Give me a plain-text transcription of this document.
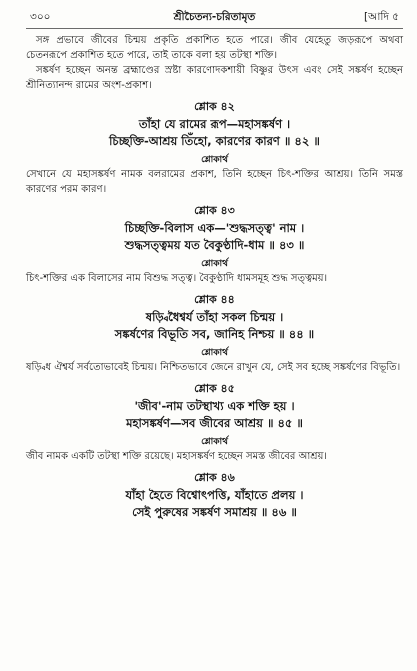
৩০০	শ্রীচৈতন্য-চরিতামৃত	[আদি ৫

সঙ্গ প্রভাবে জীবের চিন্ময় প্রকৃতি প্রকাশিত হতে পারে। জীব যেহেতু জড়রূপে অথবা চেতনরূপে প্রকাশিত হতে পারে, তাই তাকে বলা হয় তটস্থা শক্তি।

সঙ্কর্ষণ হচ্ছেন অনন্ত ব্রহ্মাণ্ডের স্রষ্টা কারণোদকশায়ী বিষ্ণুর উৎস এবং সেই সঙ্কর্ষণ হচ্ছেন শ্রীনিত্যানন্দ রামের অংশ-প্রকাশ।

শ্লোক ৪২

তাঁহা যে রামের রূপ—মহাসঙ্কর্ষণ ।

চিচ্ছক্তি-আশ্রয় তিঁহো, কারণের কারণ ॥ ৪২ ॥

শ্লোকার্থ

সেখানে যে মহাসঙ্কর্ষণ নামক বলরামের প্রকাশ, তিনি হচ্ছেন চিৎ-শক্তির আশ্রয়। তিনি সমস্ত কারণের পরম কারণ।

শ্লোক ৪৩

চিচ্ছক্তি-বিলাস এক—'শুদ্ধসত্ত্ব' নাম ।

শুদ্ধসত্ত্বময় যত বৈকুণ্ঠাদি-ধাম ॥ ৪৩ ॥

শ্লোকার্থ

চিৎ-শক্তির এক বিলাসের নাম বিশুদ্ধ সত্ত্ব। বৈকুণ্ঠাদি ধামসমূহ শুদ্ধ সত্ত্বময়।

শ্লোক ৪৪

ষড়্বিধৈশ্বর্য তাঁহা সকল চিন্ময় ।

সঙ্কর্ষণের বিভূতি সব, জানিহ নিশ্চয় ॥ ৪৪ ॥

শ্লোকার্থ

ষড়্বিধ ঐশ্বর্য সর্বতোভাবেই চিন্ময়। নিশ্চিতভাবে জেনে রাখুন যে, সেই সব হচ্ছে সঙ্কর্ষণের বিভূতি।

শ্লোক ৪৫

'জীব'-নাম তটস্থাখ্য এক শক্তি হয় ।

মহাসঙ্কর্ষণ—সব জীবের আশ্রয় ॥ ৪৫ ॥

শ্লোকার্থ

জীব নামক একটি তটস্থা শক্তি রয়েছে। মহাসঙ্কর্ষণ হচ্ছেন সমস্ত জীবের আশ্রয়।

শ্লোক ৪৬

যাঁহা হৈতে বিশ্বোৎপত্তি, যাঁহাতে প্রলয় ।

সেই পুরুষের সঙ্কর্ষণ সমাশ্রয় ॥ ৪৬ ॥
